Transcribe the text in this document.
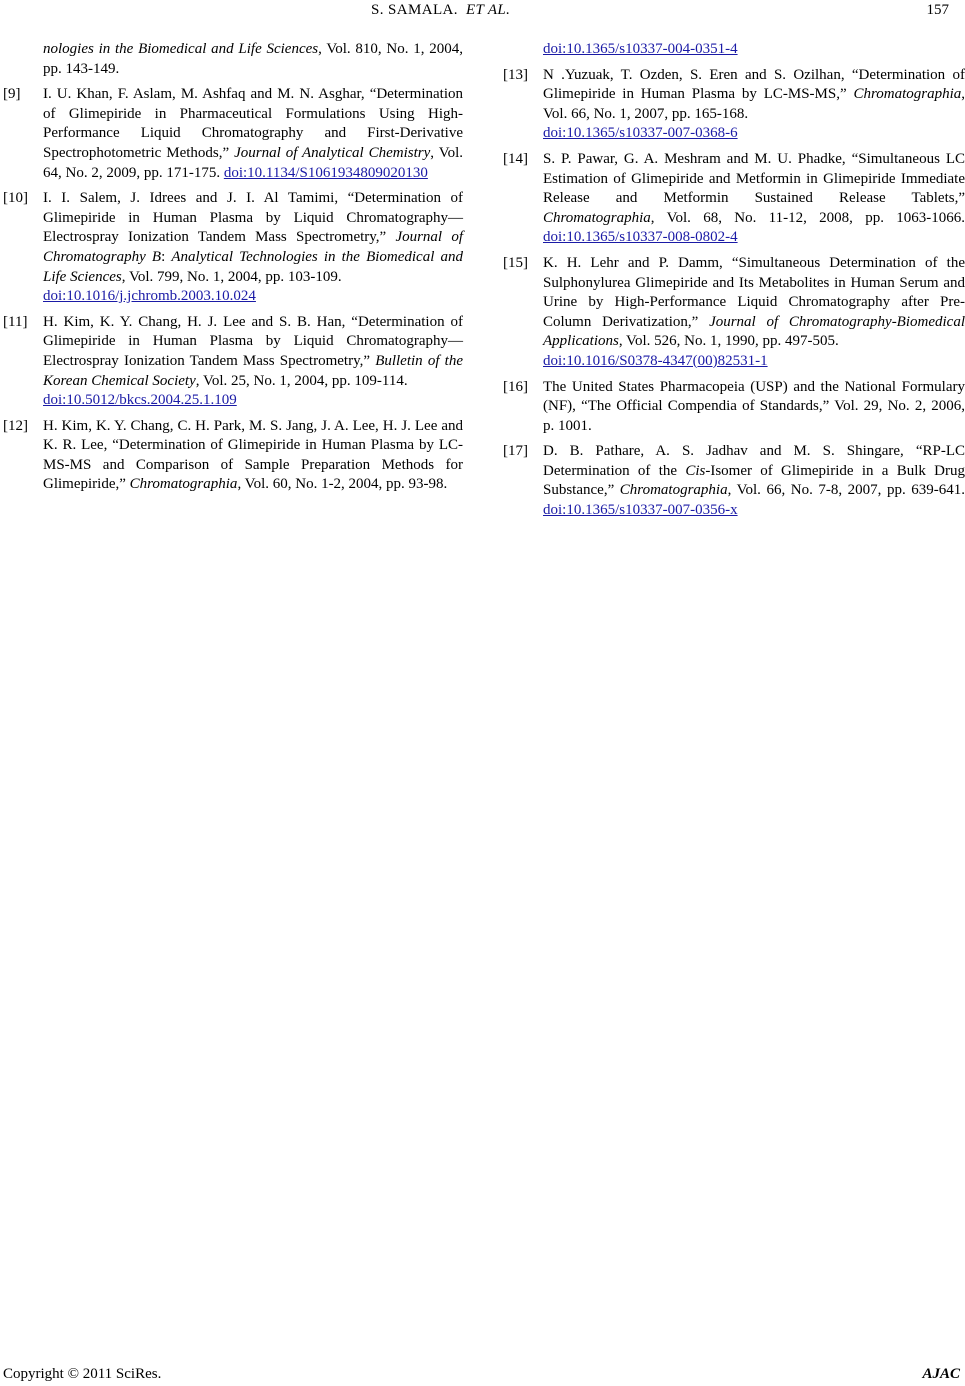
S. SAMALA. ET AL.	157

nologies in the Biomedical and Life Sciences, Vol. 810, No. 1, 2004, pp. 143-149.

[9]	I. U. Khan, F. Aslam, M. Ashfaq and M. N. Asghar, “Determination of Glimepiride in Pharmaceutical Formulations Using High-Performance Liquid Chromatography and First-Derivative Spectrophotometric Methods,” Journal of Analytical Chemistry, Vol. 64, No. 2, 2009, pp. 171-175. doi:10.1134/S1061934809020130

[10]	I. I. Salem, J. Idrees and J. I. Al Tamimi, “Determination of Glimepiride in Human Plasma by Liquid Chromatography—Electrospray Ionization Tandem Mass Spectrometry,” Journal of Chromatography B: Analytical Technologies in the Biomedical and Life Sciences, Vol. 799, No. 1, 2004, pp. 103-109.

doi:10.1016/j.jchromb.2003.10.024

[11]	H. Kim, K. Y. Chang, H. J. Lee and S. B. Han, “Determination of Glimepiride in Human Plasma by Liquid Chromatography—Electrospray Ionization Tandem Mass Spectrometry,” Bulletin of the Korean Chemical Society, Vol. 25, No. 1, 2004, pp. 109-114.

doi:10.5012/bkcs.2004.25.1.109

[12]	H. Kim, K. Y. Chang, C. H. Park, M. S. Jang, J. A. Lee, H. J. Lee and K. R. Lee, “Determination of Glimepiride in Human Plasma by LC-MS-MS and Comparison of Sample Preparation Methods for Glimepiride,” Chromatographia, Vol. 60, No. 1-2, 2004, pp. 93-98.

doi:10.1365/s10337-004-0351-4

[13]	N .Yuzuak, T. Ozden, S. Eren and S. Ozilhan, “Determination of Glimepiride in Human Plasma by LC-MS-MS,” Chromatographia, Vol. 66, No. 1, 2007, pp. 165-168.

doi:10.1365/s10337-007-0368-6

[14]	S. P. Pawar, G. A. Meshram and M. U. Phadke, “Simultaneous LC Estimation of Glimepiride and Metformin in Glimepiride Immediate Release and Metformin Sustained Release Tablets,” Chromatographia, Vol. 68, No. 11-12, 2008, pp. 1063-1066. doi:10.1365/s10337-008-0802-4

[15]	K. H. Lehr and P. Damm, “Simultaneous Determination of the Sulphonylurea Glimepiride and Its Metabolites in Human Serum and Urine by High-Performance Liquid Chromatography after Pre-Column Derivatization,” Journal of Chromatography-Biomedical Applications, Vol. 526, No. 1, 1990, pp. 497-505.

doi:10.1016/S0378-4347(00)82531-1

[16]	The United States Pharmacopeia (USP) and the National Formulary (NF), “The Official Compendia of Standards,” Vol. 29, No. 2, 2006, p. 1001.

[17]	D. B. Pathare, A. S. Jadhav and M. S. Shingare, “RP-LC Determination of the Cis-Isomer of Glimepiride in a Bulk Drug Substance,” Chromatographia, Vol. 66, No. 7-8, 2007, pp. 639-641. doi:10.1365/s10337-007-0356-x

Copyright © 2011 SciRes.	AJAC
